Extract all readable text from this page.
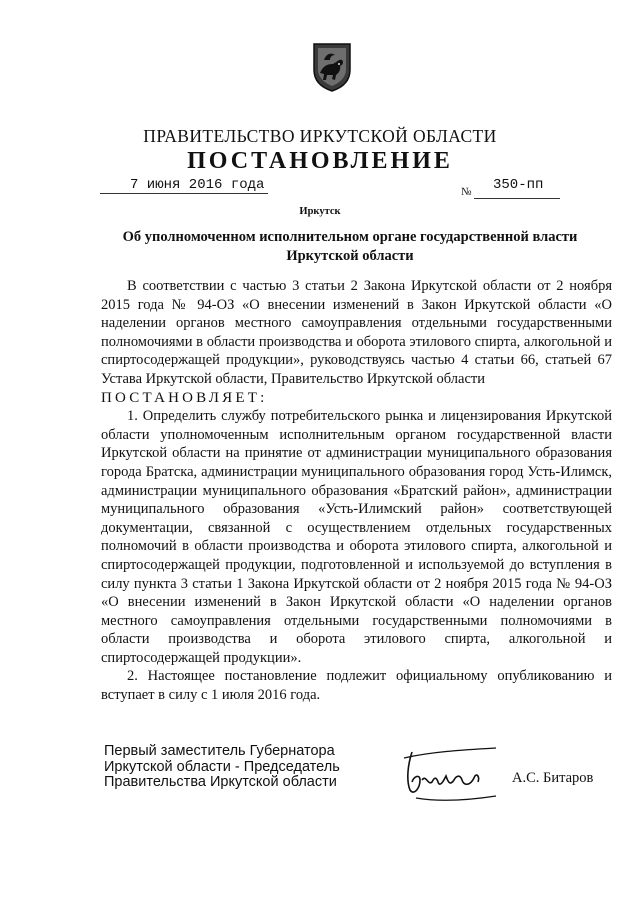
ПРАВИТЕЛЬСТВО ИРКУТСКОЙ ОБЛАСТИ
ПОСТАНОВЛЕНИЕ
7 июня 2016 года	№ 350-пп
Иркутск
Об уполномоченном исполнительном органе государственной власти Иркутской области

В соответствии с частью 3 статьи 2 Закона Иркутской области от 2 ноября 2015 года № 94-ОЗ «О внесении изменений в Закон Иркутской области «О наделении органов местного самоуправления отдельными государственными полномочиями в области производства и оборота этилового спирта, алкогольной и спиртосодержащей продукции», руководствуясь частью 4 статьи 66, статьей 67 Устава Иркутской области, Правительство Иркутской области

ПОСТАНОВЛЯЕТ:

1. Определить службу потребительского рынка и лицензирования Иркутской области уполномоченным исполнительным органом государственной власти Иркутской области на принятие от администрации муниципального образования города Братска, администрации муниципального образования город Усть-Илимск, администрации муниципального образования «Братский район», администрации муниципального образования «Усть-Илимский район» соответствующей документации, связанной с осуществлением отдельных государственных полномочий в области производства и оборота этилового спирта, алкогольной и спиртосодержащей продукции, подготовленной и используемой до вступления в силу пункта 3 статьи 1 Закона Иркутской области от 2 ноября 2015 года № 94-ОЗ «О внесении изменений в Закон Иркутской области «О наделении органов местного самоуправления отдельными государственными полномочиями в области производства и оборота этилового спирта, алкогольной и спиртосодержащей продукции».

2. Настоящее постановление подлежит официальному опубликованию и вступает в силу с 1 июля 2016 года.

Первый заместитель Губернатора
Иркутской области - Председатель
Правительства Иркутской области	А.С. Битаров
